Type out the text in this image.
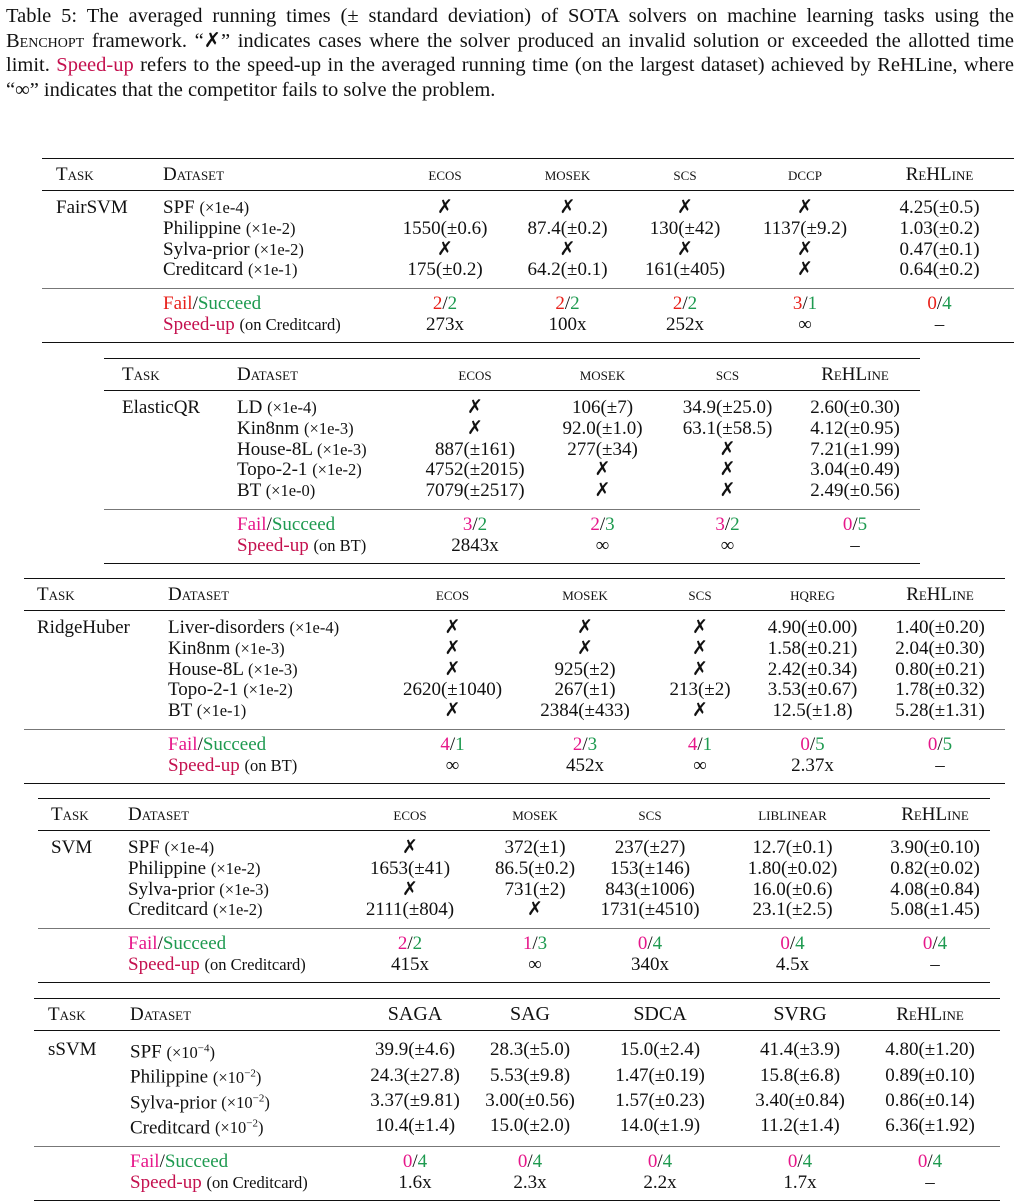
Table 5: The averaged running times (± standard deviation) of SOTA solvers on machine learning tasks using the Benchopt framework. “✗” indicates cases where the solver produced an invalid solution or exceeded the allotted time limit. Speed-up refers to the speed-up in the averaged running time (on the largest dataset) achieved by ReHLine, where “∞” indicates that the competitor fails to solve the problem.
Task	Dataset	ecos	mosek	scs	dccp	ReHLine
FairSVM	SPF (×1e-4)	✗	✗	✗	✗	4.25(±0.5)
	Philippine (×1e-2)	1550(±0.6)	87.4(±0.2)	130(±42)	1137(±9.2)	1.03(±0.2)
	Sylva-prior (×1e-2)	✗	✗	✗	✗	0.47(±0.1)
	Creditcard (×1e-1)	175(±0.2)	64.2(±0.1)	161(±405)	✗	0.64(±0.2)
	Fail/Succeed	2/2	2/2	2/2	3/1	0/4
	Speed-up (on Creditcard)	273x	100x	252x	∞	–
Task	Dataset	ecos	mosek	scs	ReHLine
ElasticQR	LD (×1e-4)	✗	106(±7)	34.9(±25.0)	2.60(±0.30)
	Kin8nm (×1e-3)	✗	92.0(±1.0)	63.1(±58.5)	4.12(±0.95)
	House-8L (×1e-3)	887(±161)	277(±34)	✗	7.21(±1.99)
	Topo-2-1 (×1e-2)	4752(±2015)	✗	✗	3.04(±0.49)
	BT (×1e-0)	7079(±2517)	✗	✗	2.49(±0.56)
	Fail/Succeed	3/2	2/3	3/2	0/5
	Speed-up (on BT)	2843x	∞	∞	–
Task	Dataset	ecos	mosek	scs	hqreg	ReHLine
RidgeHuber	Liver-disorders (×1e-4)	✗	✗	✗	4.90(±0.00)	1.40(±0.20)
	Kin8nm (×1e-3)	✗	✗	✗	1.58(±0.21)	2.04(±0.30)
	House-8L (×1e-3)	✗	925(±2)	✗	2.42(±0.34)	0.80(±0.21)
	Topo-2-1 (×1e-2)	2620(±1040)	267(±1)	213(±2)	3.53(±0.67)	1.78(±0.32)
	BT (×1e-1)	✗	2384(±433)	✗	12.5(±1.8)	5.28(±1.31)
	Fail/Succeed	4/1	2/3	4/1	0/5	0/5
	Speed-up (on BT)	∞	452x	∞	2.37x	–
Task	Dataset	ecos	mosek	scs	liblinear	ReHLine
SVM	SPF (×1e-4)	✗	372(±1)	237(±27)	12.7(±0.1)	3.90(±0.10)
	Philippine (×1e-2)	1653(±41)	86.5(±0.2)	153(±146)	1.80(±0.02)	0.82(±0.02)
	Sylva-prior (×1e-3)	✗	731(±2)	843(±1006)	16.0(±0.6)	4.08(±0.84)
	Creditcard (×1e-2)	2111(±804)	✗	1731(±4510)	23.1(±2.5)	5.08(±1.45)
	Fail/Succeed	2/2	1/3	0/4	0/4	0/4
	Speed-up (on Creditcard)	415x	∞	340x	4.5x	–
Task	Dataset	SAGA	SAG	SDCA	SVRG	ReHLine
sSVM	SPF $(\times 10^{-4})$	39.9(±4.6)	28.3(±5.0)	15.0(±2.4)	41.4(±3.9)	4.80(±1.20)
	Philippine $(\times 10^{-2})$	24.3(±27.8)	5.53(±9.8)	1.47(±0.19)	15.8(±6.8)	0.89(±0.10)
	Sylva-prior $(\times 10^{-2})$	3.37(±9.81)	3.00(±0.56)	1.57(±0.23)	3.40(±0.84)	0.86(±0.14)
	Creditcard $(\times 10^{-2})$	10.4(±1.4)	15.0(±2.0)	14.0(±1.9)	11.2(±1.4)	6.36(±1.92)
	Fail/Succeed	0/4	0/4	0/4	0/4	0/4
	Speed-up (on Creditcard)	1.6x	2.3x	2.2x	1.7x	–
